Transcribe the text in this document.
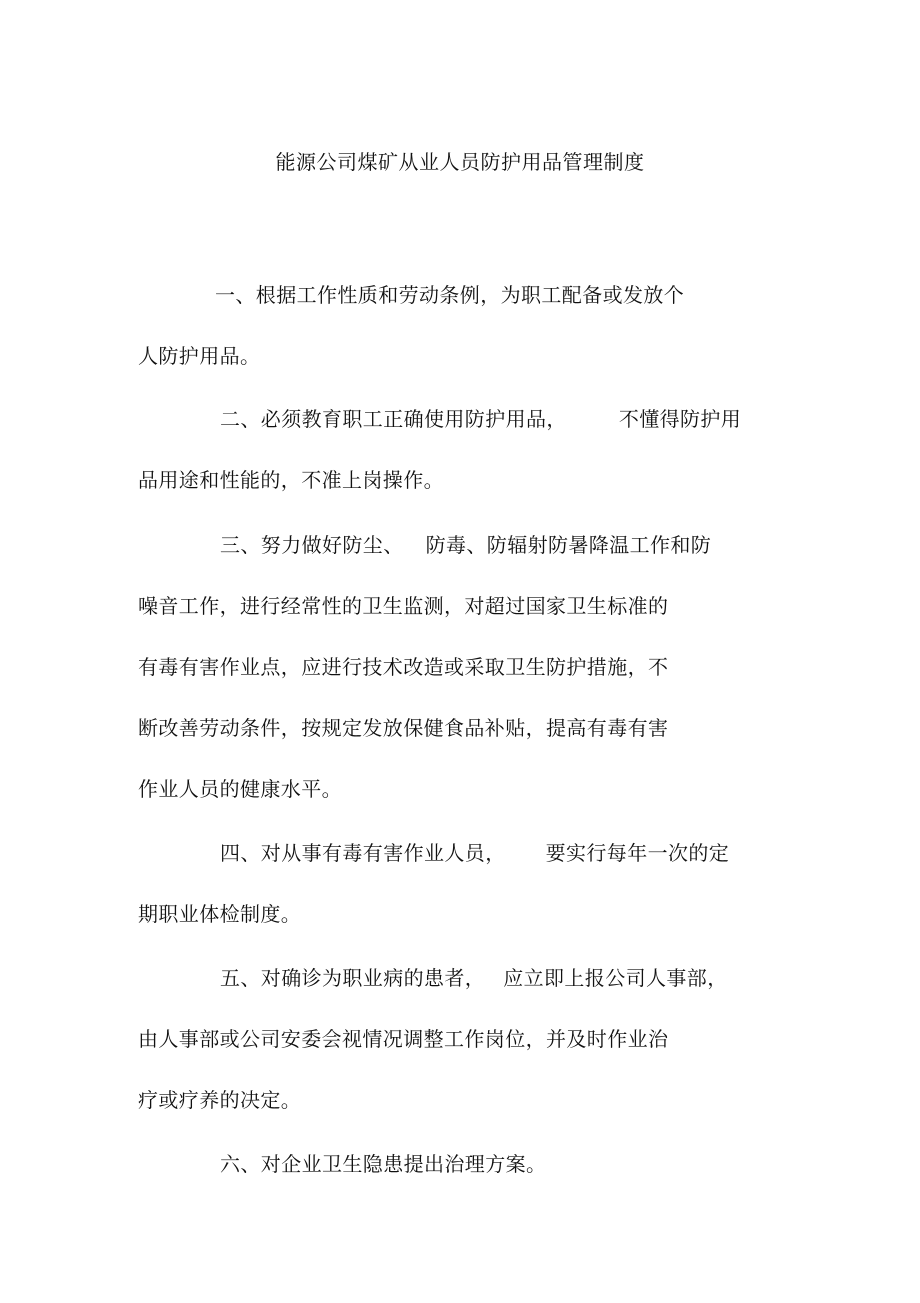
能源公司煤矿从业人员防护用品管理制度
一、根据工作性质和劳动条例，为职工配备或发放个
人防护用品。
二、必须教育职工正确使用防护用品，	不懂得防护用
品用途和性能的，不准上岗操作。
三、努力做好防尘、 防毒、防辐射防暑降温工作和防
噪音工作，进行经常性的卫生监测，对超过国家卫生标准的
有毒有害作业点，应进行技术改造或采取卫生防护措施，不
断改善劳动条件，按规定发放保健食品补贴，提高有毒有害
作业人员的健康水平。
四、对从事有毒有害作业人员， 要实行每年一次的定
期职业体检制度。
五、对确诊为职业病的患者， 应立即上报公司人事部，
由人事部或公司安委会视情况调整工作岗位，并及时作业治
疗或疗养的决定。
六、对企业卫生隐患提出治理方案。
